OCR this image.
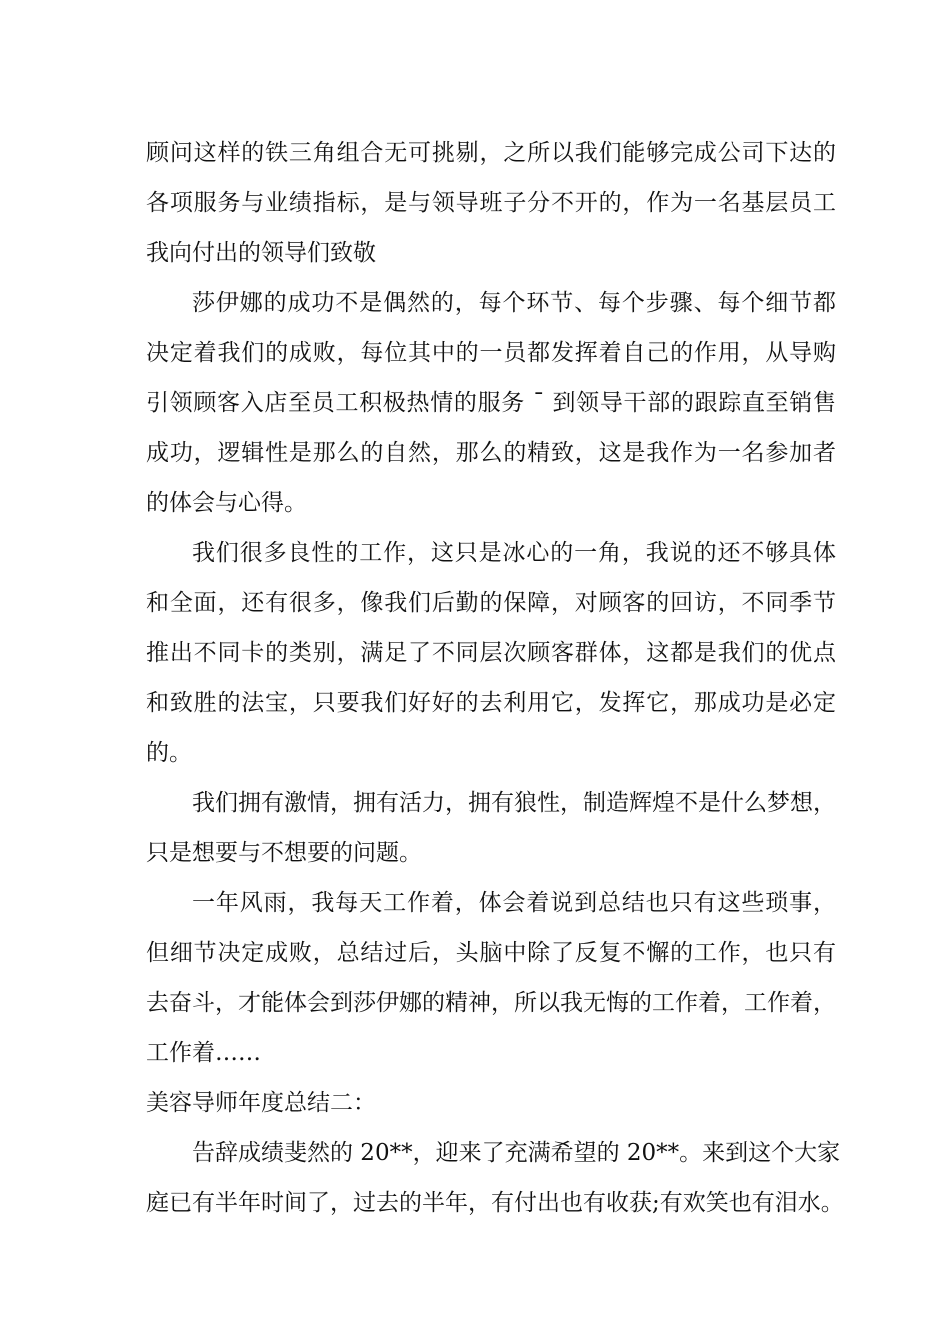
顾问这样的铁三角组合无可挑剔，之所以我们能够完成公司下达的
各项服务与业绩指标，是与领导班子分不开的，作为一名基层员工
我向付出的领导们致敬
莎伊娜的成功不是偶然的，每个环节、每个步骤、每个细节都
决定着我们的成败，每位其中的一员都发挥着自己的作用，从导购
引领顾客入店至员工积极热情的服务 ¯ 到领导干部的跟踪直至销售
成功，逻辑性是那么的自然，那么的精致，这是我作为一名参加者
的体会与心得。
我们很多良性的工作，这只是冰心的一角，我说的还不够具体
和全面，还有很多，像我们后勤的保障，对顾客的回访，不同季节
推出不同卡的类别，满足了不同层次顾客群体，这都是我们的优点
和致胜的法宝，只要我们好好的去利用它，发挥它，那成功是必定
的。
我们拥有激情，拥有活力，拥有狼性，制造辉煌不是什么梦想，
只是想要与不想要的问题。
一年风雨，我每天工作着，体会着说到总结也只有这些琐事，
但细节决定成败，总结过后，头脑中除了反复不懈的工作，也只有
去奋斗，才能体会到莎伊娜的精神，所以我无悔的工作着，工作着，
工作着……
美容导师年度总结二：
告辞成绩斐然的 20**，迎来了充满希望的 20**。来到这个大家
庭已有半年时间了，过去的半年，有付出也有收获;有欢笑也有泪水。
